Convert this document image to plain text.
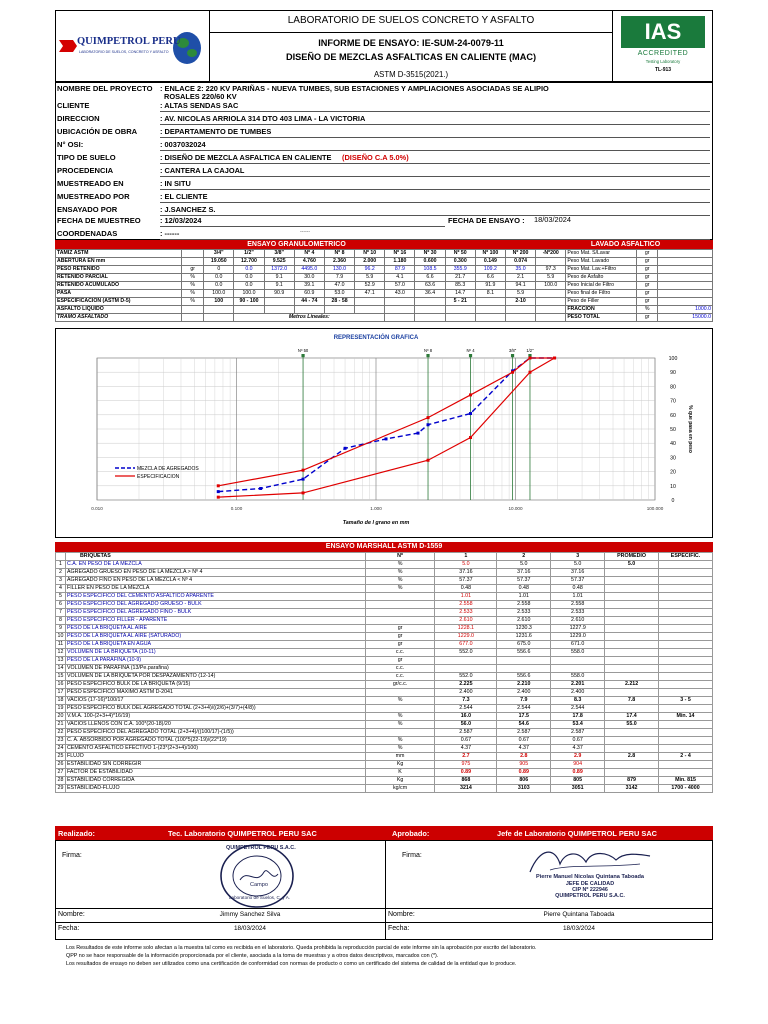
QUIMPETROL PERU
LABORATORIO DE SUELOS, CONCRETO Y ASFALTO
IAS
ACCREDITED
Testing Laboratory
TL-913
LABORATORIO DE SUELOS CONCRETO Y ASFALTO
INFORME DE ENSAYO: IE-SUM-24-0079-11
DISEÑO DE MEZCLAS ASFALTICAS EN CALIENTE (MAC)
ASTM D-3515(2021.)
NOMBRE DEL PROYECTO : ENLACE 2: 220 KV PARIÑAS - NUEVA TUMBES, SUB ESTACIONES Y AMPLIACIONES ASOCIADAS SE ALIPIO
ROSALES 220/60 KV
CLIENTE	: ALTAS SENDAS SAC
DIRECCION	: AV. NICOLAS ARRIOLA 314 DTO 403 LIMA - LA VICTORIA
UBICACIÓN DE OBRA	: DEPARTAMENTO DE TUMBES
N° OSI:	: 0037032024
TIPO DE SUELO	: DISEÑO DE MEZCLA ASFALTICA EN CALIENTE (DISEÑO C.A 5.0%)
PROCEDENCIA	: CANTERA LA CAJOAL
MUESTREADO EN	: IN SITU
MUESTREADO POR	: EL CLIENTE
ENSAYADO POR	: J.SANCHEZ S.
FECHA DE MUESTREO	: 12/03/2024
COORDENADAS	: ------	------
FECHA DE ENSAYO : 18/03/2024
ENSAYO GRANULOMETRICO	LAVADO ASFALTICO
TAMIZ ASTM		3/4"	1/2"	3/8"	Nº 4	Nº 8	Nº 10	Nº 16	Nº 30	Nº 50	Nº 100	Nº 200	-Nº200	Peso Mat. S/Lavar	gr	
ABERTURA EN mm		19.050	12.700	9.525	4.760	2.360	2.000	1.180	0.600	0.300	0.149	0.074		Peso Mat. Lavado	gr	
PESO RETENIDO	gr	0	0.0	1372.0	4495.0	130.0	96.2	87.9	108.5	355.9	109.2	35.0	97.3	Peso Mat. Lav.+Filtro	gr	
RETENIDO PARCIAL	%	0.0	0.0	9.1	30.0	7.9	5.9	4.1	6.6	21.7	6.6	2.1	5.9	Peso de Asfalto	gr	
RETENIDO ACUMULADO	%	0.0	0.0	9.1	39.1	47.0	52.9	57.0	63.6	85.3	91.9	94.1	100.0	Peso Inicial de Filtro	gr	
PASA	%	100.0	100.0	90.9	60.9	53.0	47.1	43.0	36.4	14.7	8.1	5.9		Peso final de Filtro	gr	
ESPECIFICACION (ASTM D-5)	%	100	90 - 100		44 - 74	28 - 58				5 - 21		2-10		Peso de Filler	gr	
ASFALTO LIQUIDO														FRACCIÓN	%	1000.0
TRAMO ASFALTADO			Metros Lineales:											PESO TOTAL	gr	15000.0
0
10
20
30
40
50
60
70
80
90
100
0.010	0.100	1.000	10.000	100.000
Nº 50	Nº 8	Nº 4	3/8" 1/2"
REPRESENTACIÓN GRAFICA
Tamaño de l grano en mm
% que pasa en peso
MEZCLA DE AGREGADOS
ESPECIFICACION
ENSAYO MARSHALL ASTM D-1559
	BRIQUETAS	Nº	1	2	3	PROMEDIO	ESPECIFIC.
1	C.A. EN PESO DE LA MEZCLA	%	5.0	5.0	5.0	5.0	
2	AGREGADO GRUESO EN PESO DE LA MEZCLA > Nº 4	%	37.16	37.16	37.16		
3	AGREGADO FINO EN PESO DE LA MEZCLA < Nº 4	%	57.37	57.37	57.37		
4	FILLER EN PESO DE LA MEZCLA	%	0.48	0.48	0.48		
5	PESO ESPECÍFICO DEL CEMENTO ASFALTICO APARENTE		1.01	1.01	1.01		
6	PESO ESPECÍFICO DEL AGREGADO GRUESO - BULK		2.558	2.558	2.558		
7	PESO ESPECÍFICO DEL AGREGADO FINO - BULK		2.533	2.533	2.533		
8	PESO ESPECÍFICO FILLER - APARENTE		2.610	2.610	2.610		
9	PESO DE LA BRIQUETA AL AIRE	gr	1228.1	1230.3	1227.9		
10	PESO DE LA BRIQUETA AL AIRE (SATURADO)	gr	1229.0	1231.6	1229.0		
11	PESO DE LA BRIQUETA EN AGUA	gr	677.0	675.0	671.0		
12	VOLUMEN DE LA BRIQUETA (10-11)	c.c.	552.0	556.6	558.0		
13	PESO DE LA PARAFINA (10-9)	gr					
14	VOLUMEN DE PARAFINA (13/Pe.parafina)	c.c.					
15	VOLUMEN DE LA BRIQUETA POR DESPAZAMIENTO (12-14)	c.c.	552.0	556.6	558.0		
16	PESO ESPECÍFICO BULK DE LA BRIQUETA (9/15)	gr/c.c.	2.225	2.210	2.201	2.212	
17	PESO ESPECÍFICO MÁXIMO ASTM D-2041		2.400	2.400	2.400		
18	VACÍOS (17-16)*100/17	%	7.3	7.9	8.3	7.8	3 - 5
19	PESO ESPECÍFICO BULK DEL AGREGADO TOTAL (2+3+4)/((2/6)+(3/7)+(4/8))		2.544	2.544	2.544		
20	V.M.A. 100-(2+3+4)*16/19)	%	16.0	17.5	17.8	17.4	Min. 14
21	VACÍOS LLENOS CON C.A. 100*(20-18)/20	%	56.0	54.6	53.4	55.0	
22	PESO ESPECÍFICO DEL AGREGADO TOTAL (2+3+4)/((100/17)-(1/5))		2.587	2.587	2.587		
23	C. A. ABSORBIDO POR AGREGADO TOTAL (100*5(22-19)/(22*19)	%	0.67	0.67	0.67		
24	CEMENTO ASFÁLTICO EFECTIVO 1-(23*(2+3+4)/100)	%	4.37	4.37	4.37		
25	FLUJO	mm	2.7	2.8	2.9	2.8	2 - 4
26	ESTABILIDAD SIN CORREGIR	Kg	975	905	904		
27	FACTOR DE ESTABILIDAD	K	0.89	0.89	0.89		
28	ESTABILIDAD CORREGIDA	Kg	868	806	805	879	Min. 815
29	ESTABILIDAD-FLUJO	kg/cm	3214	3103	3051	3142	1700 - 4000
Realizado:	Tec. Laboratorio QUIMPETROL PERU SAC	Aprobado:	Jefe de Laboratorio QUIMPETROL PERU SAC
Firma:	Firma:
QUIMPETROL PERU S.A.C.
Campo
Laboratorio de Suelos, C. y A.
Pierre Manuel Nicolas Quintana Taboada
JEFE DE CALIDAD
CIP Nº 222946
QUIMPETROL PERU S.A.C.
Nombre:	Jimmy Sanchez Silva	Nombre:	Pierre Quintana Taboada
Fecha:	18/03/2024	Fecha:	18/03/2024
Los Resultados de este informe solo afectan a la muestra tal como es recibida en el laboratorio. Queda prohibida la reproducción parcial de este informe sin la aprobación por escrito del laboratorio.
QPP no se hace responsable de la información proporcionada por el cliente, asociada a la toma de muestras y a otros datos descriptivos, marcados con (*).
Los resultados de ensayo no deben ser utilizados como una certificación de conformidad con normas de producto o como un certificado del sistema de calidad de la entidad que lo produce.
